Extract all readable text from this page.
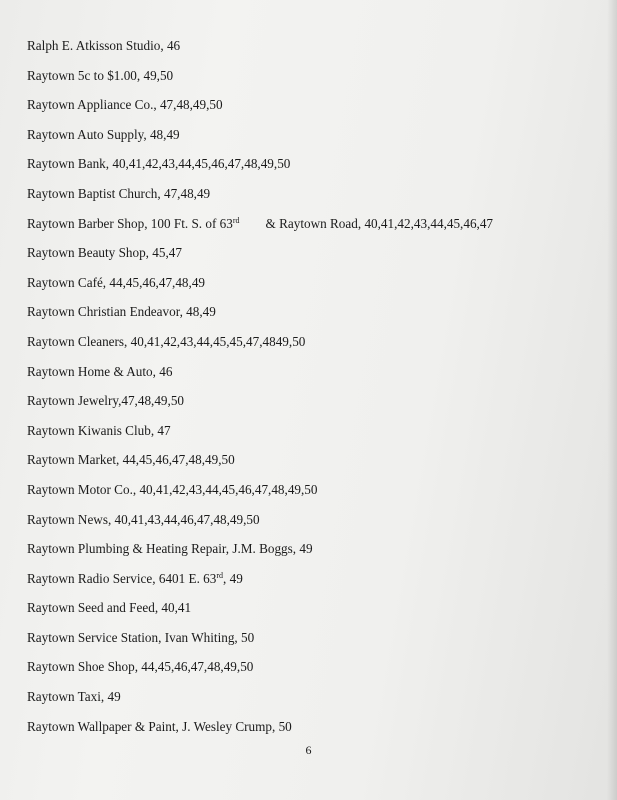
Ralph E. Atkisson Studio, 46
Raytown 5c to $1.00, 49,50
Raytown Appliance Co., 47,48,49,50
Raytown Auto Supply, 48,49
Raytown Bank, 40,41,42,43,44,45,46,47,48,49,50
Raytown Baptist Church, 47,48,49
Raytown Barber Shop, 100 Ft. S. of 63rd & Raytown Road, 40,41,42,43,44,45,46,47
Raytown Beauty Shop, 45,47
Raytown Café, 44,45,46,47,48,49
Raytown Christian Endeavor, 48,49
Raytown Cleaners, 40,41,42,43,44,45,45,47,4849,50
Raytown Home & Auto, 46
Raytown Jewelry,47,48,49,50
Raytown Kiwanis Club, 47
Raytown Market, 44,45,46,47,48,49,50
Raytown Motor Co., 40,41,42,43,44,45,46,47,48,49,50
Raytown News, 40,41,43,44,46,47,48,49,50
Raytown Plumbing & Heating Repair, J.M. Boggs, 49
Raytown Radio Service, 6401 E. 63rd, 49
Raytown Seed and Feed, 40,41
Raytown Service Station, Ivan Whiting, 50
Raytown Shoe Shop, 44,45,46,47,48,49,50
Raytown Taxi, 49
Raytown Wallpaper & Paint, J. Wesley Crump, 50
6
